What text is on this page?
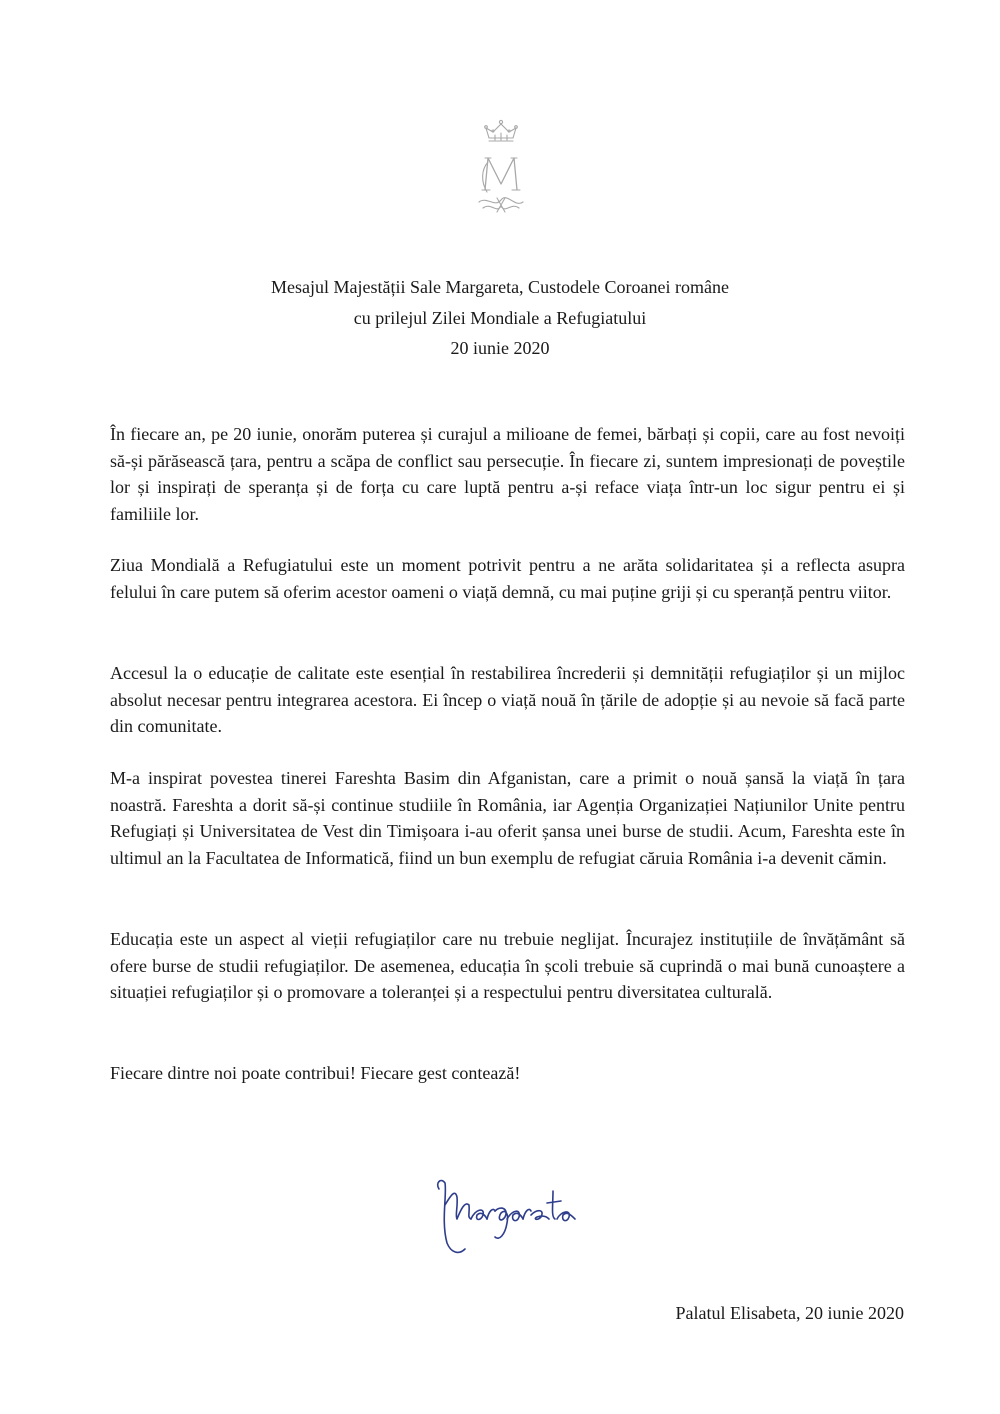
Mesajul Majestății Sale Margareta, Custodele Coroanei române
cu prilejul Zilei Mondiale a Refugiatului
20 iunie 2020

În fiecare an, pe 20 iunie, onorăm puterea și curajul a milioane de femei, bărbați și copii, care au fost nevoiți să-și părăsească țara, pentru a scăpa de conflict sau persecuție. În fiecare zi, suntem impresionați de poveștile lor și inspirați de speranța și de forța cu care luptă pentru a-și reface viața într-un loc sigur pentru ei și familiile lor.

Ziua Mondială a Refugiatului este un moment potrivit pentru a ne arăta solidaritatea și a reflecta asupra felului în care putem să oferim acestor oameni o viață demnă, cu mai puține griji și cu speranță pentru viitor.

Accesul la o educație de calitate este esențial în restabilirea încrederii și demnității refugiaților și un mijloc absolut necesar pentru integrarea acestora. Ei încep o viață nouă în țările de adopție și au nevoie să facă parte din comunitate.

M-a inspirat povestea tinerei Fareshta Basim din Afganistan, care a primit o nouă șansă la viață în țara noastră. Fareshta a dorit să-și continue studiile în România, iar Agenția Organizației Națiunilor Unite pentru Refugiați și Universitatea de Vest din Timișoara i-au oferit șansa unei burse de studii. Acum, Fareshta este în ultimul an la Facultatea de Informatică, fiind un bun exemplu de refugiat căruia România i-a devenit cămin.

Educația este un aspect al vieții refugiaților care nu trebuie neglijat. Încurajez instituțiile de învățământ să ofere burse de studii refugiaților. De asemenea, educația în școli trebuie să cuprindă o mai bună cunoaștere a situației refugiaților și o promovare a toleranței și a respectului pentru diversitatea culturală.

Fiecare dintre noi poate contribui! Fiecare gest contează!

Palatul Elisabeta, 20 iunie 2020
